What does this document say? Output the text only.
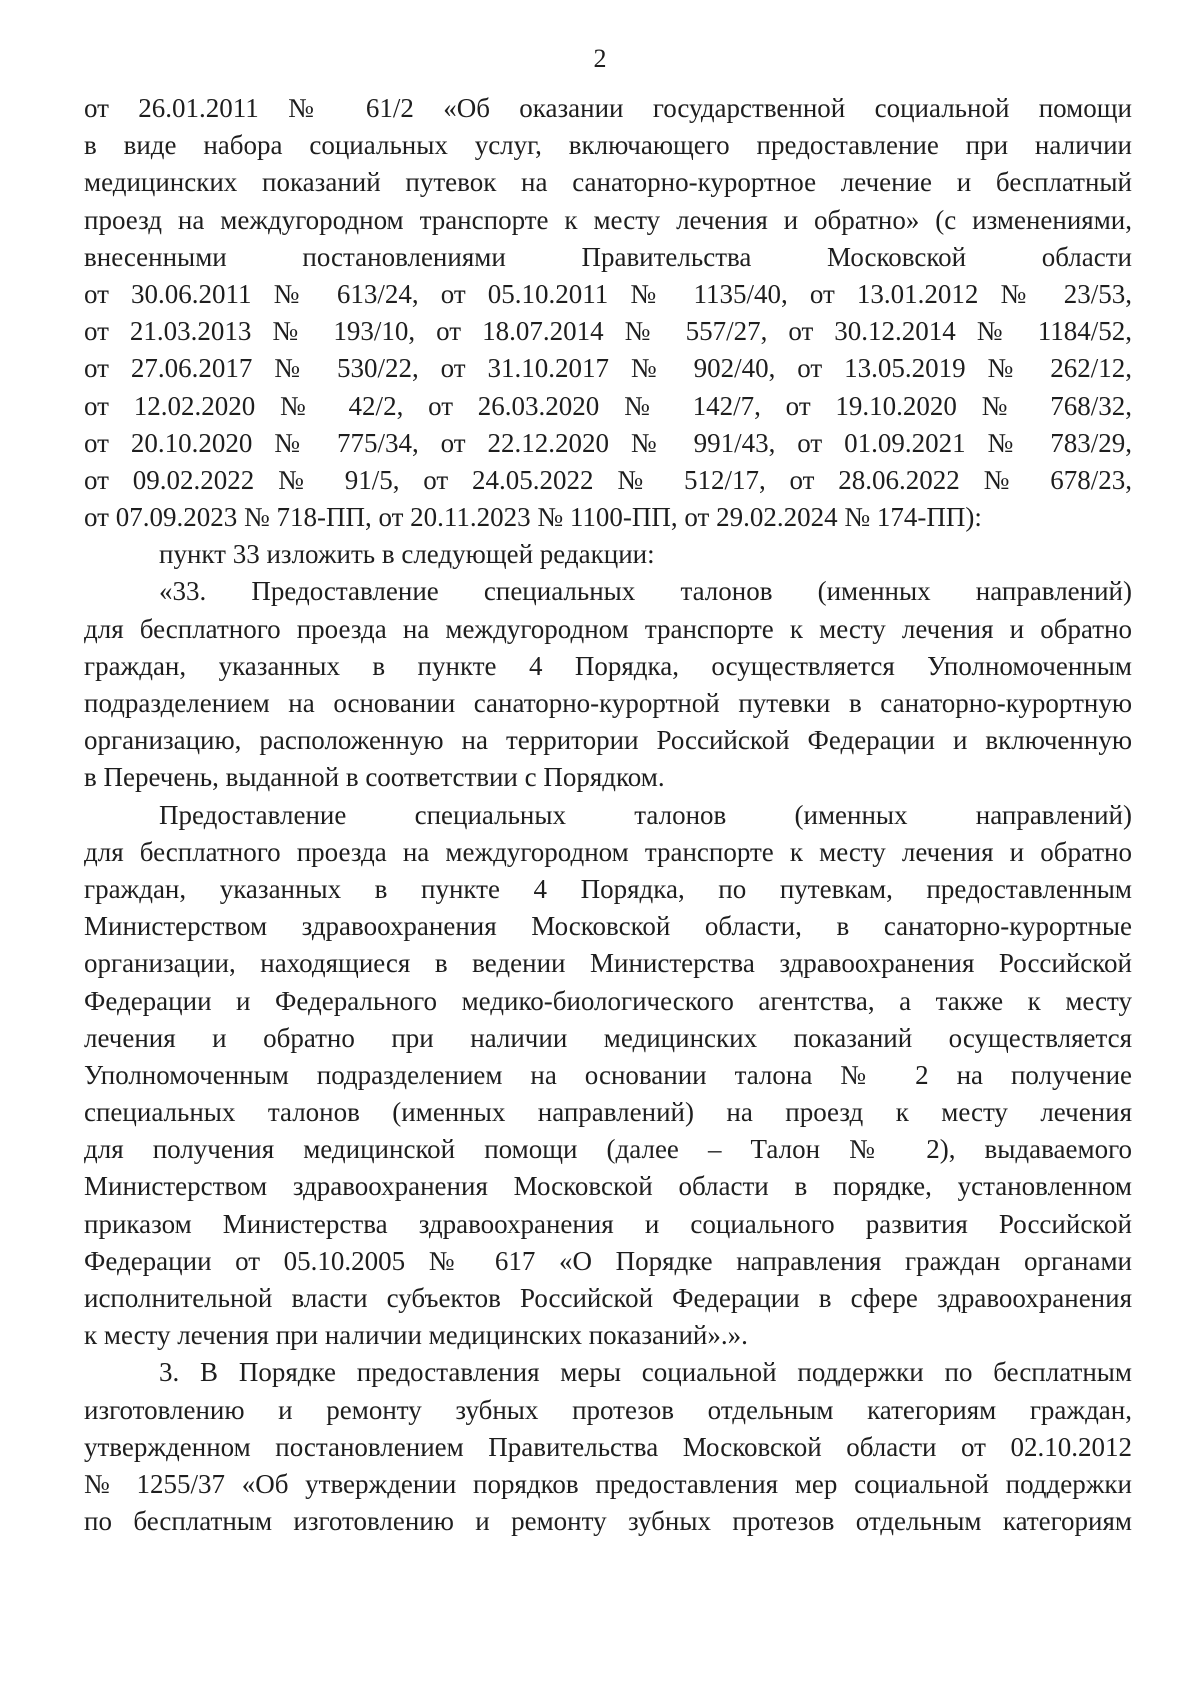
2

от 26.01.2011 № 61/2 «Об оказании государственной социальной помощи
в виде набора социальных услуг, включающего предоставление при наличии
медицинских показаний путевок на санаторно-курортное лечение и бесплатный
проезд на междугородном транспорте к месту лечения и обратно» (с изменениями,
внесенными постановлениями Правительства Московской области
от 30.06.2011 № 613/24, от 05.10.2011 № 1135/40, от 13.01.2012 № 23/53,
от 21.03.2013 № 193/10, от 18.07.2014 № 557/27, от 30.12.2014 № 1184/52,
от 27.06.2017 № 530/22, от 31.10.2017 № 902/40, от 13.05.2019 № 262/12,
от 12.02.2020 № 42/2, от 26.03.2020 № 142/7, от 19.10.2020 № 768/32,
от 20.10.2020 № 775/34, от 22.12.2020 № 991/43, от 01.09.2021 № 783/29,
от 09.02.2022 № 91/5, от 24.05.2022 № 512/17, от 28.06.2022 № 678/23,
от 07.09.2023 № 718-ПП, от 20.11.2023 № 1100-ПП, от 29.02.2024 № 174-ПП):

пункт 33 изложить в следующей редакции:

«33. Предоставление специальных талонов (именных направлений)
для бесплатного проезда на междугородном транспорте к месту лечения и обратно
граждан, указанных в пункте 4 Порядка, осуществляется Уполномоченным
подразделением на основании санаторно-курортной путевки в санаторно-курортную
организацию, расположенную на территории Российской Федерации и включенную
в Перечень, выданной в соответствии с Порядком.

Предоставление специальных талонов (именных направлений)
для бесплатного проезда на междугородном транспорте к месту лечения и обратно
граждан, указанных в пункте 4 Порядка, по путевкам, предоставленным
Министерством здравоохранения Московской области, в санаторно-курортные
организации, находящиеся в ведении Министерства здравоохранения Российской
Федерации и Федерального медико-биологического агентства, а также к месту
лечения и обратно при наличии медицинских показаний осуществляется
Уполномоченным подразделением на основании талона № 2 на получение
специальных талонов (именных направлений) на проезд к месту лечения
для получения медицинской помощи (далее – Талон № 2), выдаваемого
Министерством здравоохранения Московской области в порядке, установленном
приказом Министерства здравоохранения и социального развития Российской
Федерации от 05.10.2005 № 617 «О Порядке направления граждан органами
исполнительной власти субъектов Российской Федерации в сфере здравоохранения
к месту лечения при наличии медицинских показаний».».

3. В Порядке предоставления меры социальной поддержки по бесплатным
изготовлению и ремонту зубных протезов отдельным категориям граждан,
утвержденном постановлением Правительства Московской области от 02.10.2012
№ 1255/37 «Об утверждении порядков предоставления мер социальной поддержки
по бесплатным изготовлению и ремонту зубных протезов отдельным категориям
